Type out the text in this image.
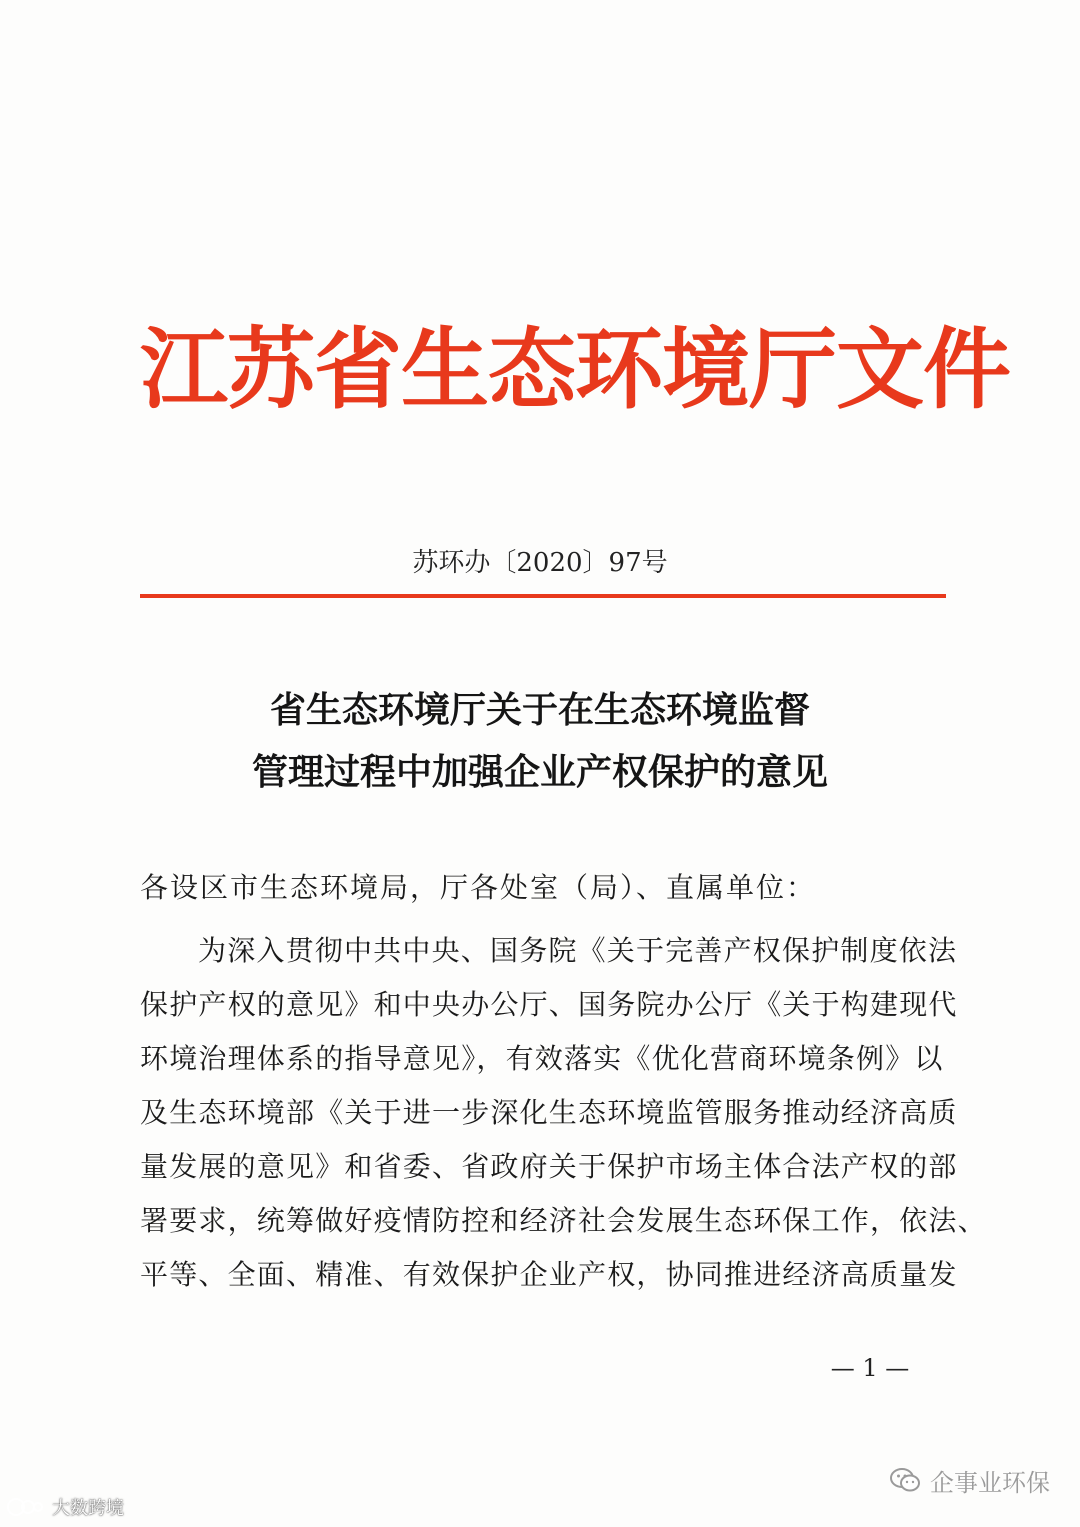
江苏省生态环境厅文件
苏环办〔2020〕97号
省生态环境厅关于在生态环境监督
管理过程中加强企业产权保护的意见
各设区市生态环境局，厅各处室（局）、直属单位：
为深入贯彻中共中央、国务院《关于完善产权保护制度依法
保护产权的意见》和中央办公厅、国务院办公厅《关于构建现代
环境治理体系的指导意见》，有效落实《优化营商环境条例》以
及生态环境部《关于进一步深化生态环境监管服务推动经济高质
量发展的意见》和省委、省政府关于保护市场主体合法产权的部
署要求，统筹做好疫情防控和经济社会发展生态环保工作，依法、
平等、全面、精准、有效保护企业产权，协同推进经济高质量发
— 1 —
企事业环保
大数跨境
